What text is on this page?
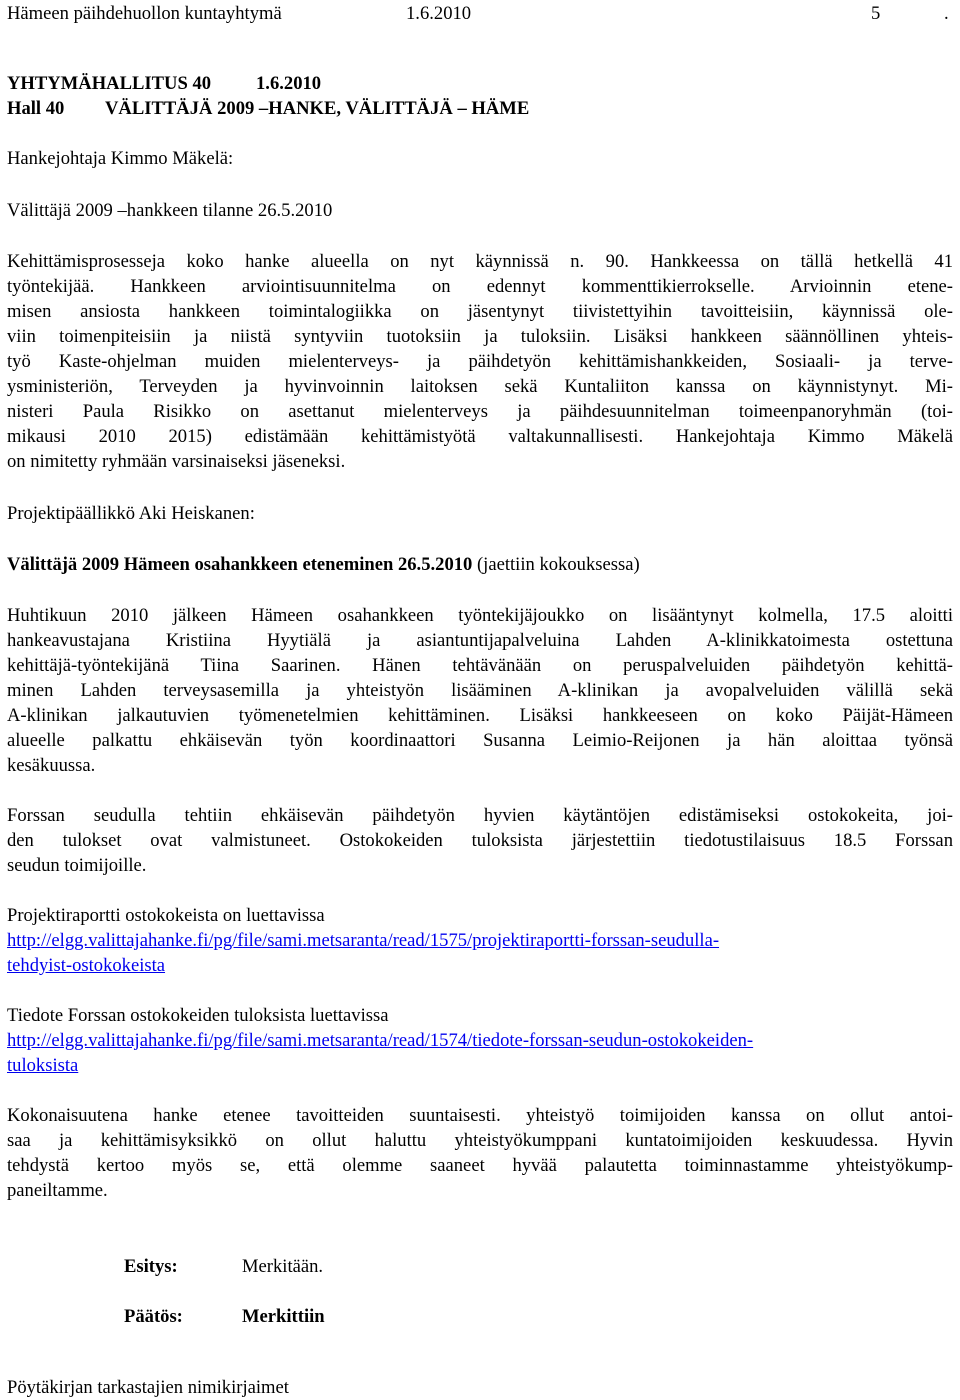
Hämeen päihdehuollon kuntayhtymä	1.6.2010	5	.
YHTYMÄHALLITUS 40 1.6.2010
Hall 40 VÄLITTÄJÄ 2009 –HANKE, VÄLITTÄJÄ – HÄME
Hankejohtaja Kimmo Mäkelä:
Välittäjä 2009 –hankkeen tilanne 26.5.2010
Kehittämisprosesseja koko hanke alueella on nyt käynnissä n. 90. Hankkeessa on tällä hetkellä 41
työntekijää. Hankkeen arviointisuunnitelma on edennyt kommenttikierrokselle. Arvioinnin etene-
misen ansiosta hankkeen toimintalogiikka on jäsentynyt tiivistettyihin tavoitteisiin, käynnissä ole-
viin toimenpiteisiin ja niistä syntyviin tuotoksiin ja tuloksiin. Lisäksi hankkeen säännöllinen yhteis-
työ Kaste-ohjelman muiden mielenterveys- ja päihdetyön kehittämishankkeiden, Sosiaali- ja terve-
ysministeriön, Terveyden ja hyvinvoinnin laitoksen sekä Kuntaliiton kanssa on käynnistynyt. Mi-
nisteri Paula Risikko on asettanut mielenterveys ja päihdesuunnitelman toimeenpanoryhmän (toi-
mikausi 2010 2015) edistämään kehittämistyötä valtakunnallisesti. Hankejohtaja Kimmo Mäkelä
on nimitetty ryhmään varsinaiseksi jäseneksi.
Projektipäällikkö Aki Heiskanen:
Välittäjä 2009 Hämeen osahankkeen eteneminen 26.5.2010 (jaettiin kokouksessa)
Huhtikuun 2010 jälkeen Hämeen osahankkeen työntekijäjoukko on lisääntynyt kolmella, 17.5 aloitti
hankeavustajana Kristiina Hyytiälä ja asiantuntijapalveluina Lahden A-klinikkatoimesta ostettuna
kehittäjä-työntekijänä Tiina Saarinen. Hänen tehtävänään on peruspalveluiden päihdetyön kehittä-
minen Lahden terveysasemilla ja yhteistyön lisääminen A-klinikan ja avopalveluiden välillä sekä
A-klinikan jalkautuvien työmenetelmien kehittäminen. Lisäksi hankkeeseen on koko Päijät-Hämeen
alueelle palkattu ehkäisevän työn koordinaattori Susanna Leimio-Reijonen ja hän aloittaa työnsä
kesäkuussa.
Forssan seudulla tehtiin ehkäisevän päihdetyön hyvien käytäntöjen edistämiseksi ostokokeita, joi-
den tulokset ovat valmistuneet. Ostokokeiden tuloksista järjestettiin tiedotustilaisuus 18.5 Forssan
seudun toimijoille.
Projektiraportti ostokokeista on luettavissa
http://elgg.valittajahanke.fi/pg/file/sami.metsaranta/read/1575/projektiraportti-forssan-seudulla-
tehdyist-ostokokeista
Tiedote Forssan ostokokeiden tuloksista luettavissa
http://elgg.valittajahanke.fi/pg/file/sami.metsaranta/read/1574/tiedote-forssan-seudun-ostokokeiden-
tuloksista
Kokonaisuutena hanke etenee tavoitteiden suuntaisesti. yhteistyö toimijoiden kanssa on ollut antoi-
saa ja kehittämisyksikkö on ollut haluttu yhteistyökumppani kuntatoimijoiden keskuudessa. Hyvin
tehdystä kertoo myös se, että olemme saaneet hyvää palautetta toiminnastamme yhteistyökump-
paneiltamme.
Esitys:	Merkitään.
Päätös:	Merkittiin
Pöytäkirjan tarkastajien nimikirjaimet
